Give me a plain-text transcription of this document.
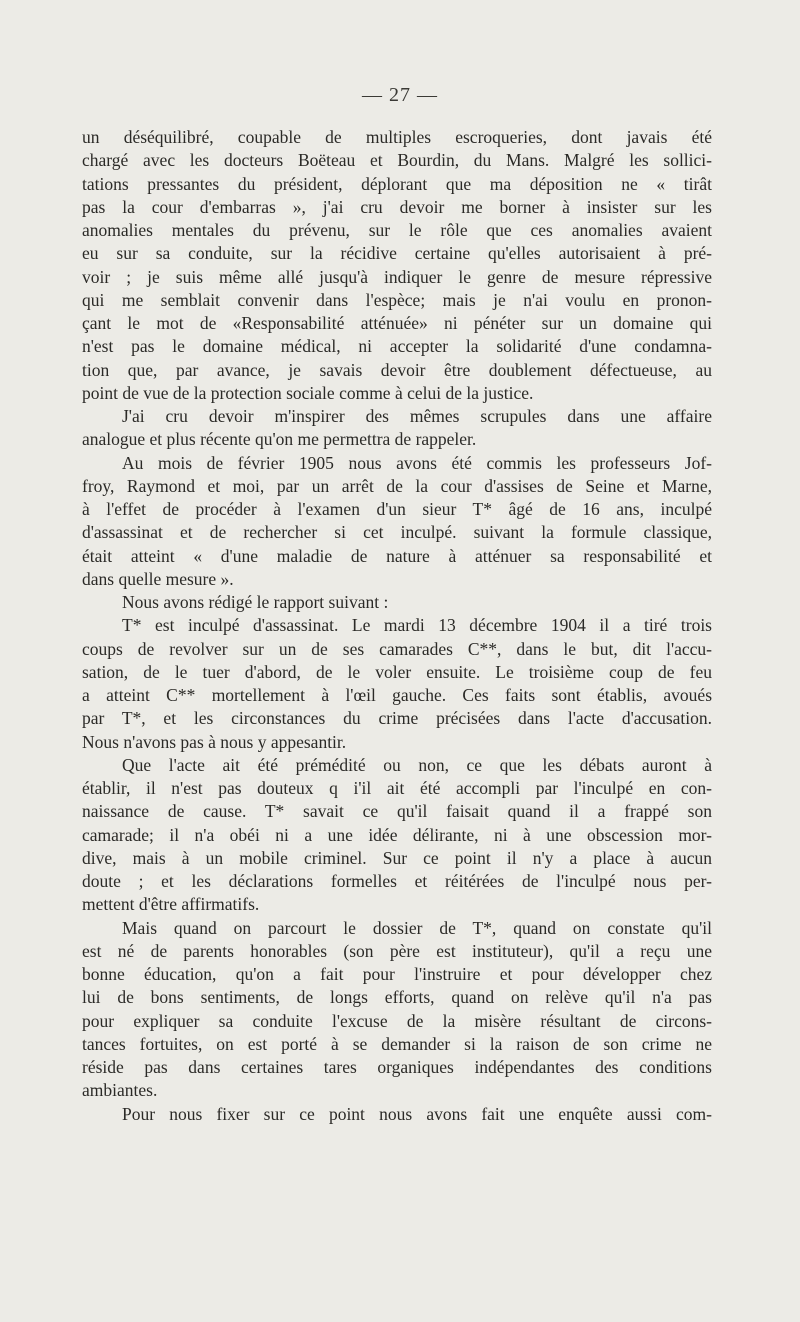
— 27 —
un déséquilibré, coupable de multiples escroqueries, dont javais été
chargé avec les docteurs Boëteau et Bourdin, du Mans. Malgré les sollici-
tations pressantes du président, déplorant que ma déposition ne « tirât
pas la cour d'embarras », j'ai cru devoir me borner à insister sur les
anomalies mentales du prévenu, sur le rôle que ces anomalies avaient
eu sur sa conduite, sur la récidive certaine qu'elles autorisaient à pré-
voir ; je suis même allé jusqu'à indiquer le genre de mesure répressive
qui me semblait convenir dans l'espèce; mais je n'ai voulu en pronon-
çant le mot de «Responsabilité atténuée» ni pénéter sur un domaine qui
n'est pas le domaine médical, ni accepter la solidarité d'une condamna-
tion que, par avance, je savais devoir être doublement défectueuse, au
point de vue de la protection sociale comme à celui de la justice.
J'ai cru devoir m'inspirer des mêmes scrupules dans une affaire
analogue et plus récente qu'on me permettra de rappeler.
Au mois de février 1905 nous avons été commis les professeurs Jof-
froy, Raymond et moi, par un arrêt de la cour d'assises de Seine et Marne,
à l'effet de procéder à l'examen d'un sieur T* âgé de 16 ans, inculpé
d'assassinat et de rechercher si cet inculpé. suivant la formule classique,
était atteint « d'une maladie de nature à atténuer sa responsabilité et
dans quelle mesure ».
Nous avons rédigé le rapport suivant :
T* est inculpé d'assassinat. Le mardi 13 décembre 1904 il a tiré trois
coups de revolver sur un de ses camarades C**, dans le but, dit l'accu-
sation, de le tuer d'abord, de le voler ensuite. Le troisième coup de feu
a atteint C** mortellement à l'œil gauche. Ces faits sont établis, avoués
par T*, et les circonstances du crime précisées dans l'acte d'accusation.
Nous n'avons pas à nous y appesantir.
Que l'acte ait été prémédité ou non, ce que les débats auront à
établir, il n'est pas douteux q i'il ait été accompli par l'inculpé en con-
naissance de cause. T* savait ce qu'il faisait quand il a frappé son
camarade; il n'a obéi ni a une idée délirante, ni à une obscession mor-
dive, mais à un mobile criminel. Sur ce point il n'y a place à aucun
doute ; et les déclarations formelles et réitérées de l'inculpé nous per-
mettent d'être affirmatifs.
Mais quand on parcourt le dossier de T*, quand on constate qu'il
est né de parents honorables (son père est instituteur), qu'il a reçu une
bonne éducation, qu'on a fait pour l'instruire et pour développer chez
lui de bons sentiments, de longs efforts, quand on relève qu'il n'a pas
pour expliquer sa conduite l'excuse de la misère résultant de circons-
tances fortuites, on est porté à se demander si la raison de son crime ne
réside pas dans certaines tares organiques indépendantes des conditions
ambiantes.
Pour nous fixer sur ce point nous avons fait une enquête aussi com-
